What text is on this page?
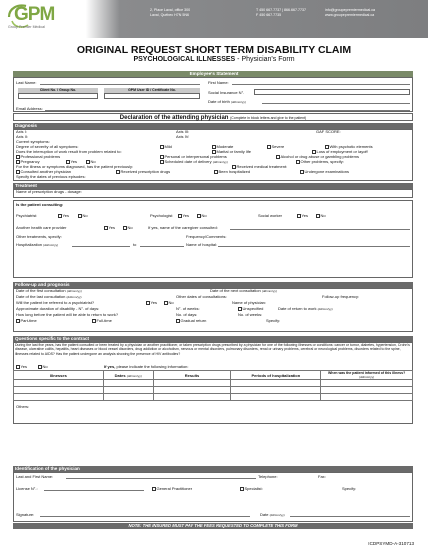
GPM
Group Premier Médical
2, Place Laval, office 300
Laval, Québec H7N 5N6
T 450 667.7737 | 866.667.7737
F 450 667.7735
info@groupepremiermedical.ca
www.groupepremiermedical.ca
ORIGINAL REQUEST SHORT TERM DISABILITY CLAIM
PSYCHOLOGICAL ILLNESSES - Physician's Form
Employee's Statement
Last Name:	First Name:
Client No. / Group No.	GPM User ID / Certificate No.	Social Insurance N°.
Date of birth (dd/mm/yy)
Email Address:
Declaration of the attending physician (Complete in block letters and give to the patient)
Diagnosis
Axis I:	Axis III:	GAF SCORE:
Axis II:	Axis IV:
Current symptoms:
Degree of severity of all symptoms:	Mild	Moderate	Severe	With psychotic elements
Does the interruption of work result from problem related to:	Marital or family life	Loss of employment or layoff
Professional problems	Personal or interpersonal problems	Alcohol or drug abuse or gambling problems
Pregnancy	Yes	No	Scheduled date of delivery (dd/mm/yy)	Other problems, specify:
For the illness or symptoms diagnosed, has the patient previously:	Received medical treatment:
Consulted another physician	Received prescription drugs	Been hospitalized	Undergone examinations
Specify the dates of previous episodes:
Treatment
Name of prescription drugs - dosage:
Is the patient consulting:
Psychiatrist	Yes	No	Psychologist	Yes	No	Social worker	Yes	No
Another health care provider	Yes	No	If yes, name of the caregiver consulted:
Other treatments, specify:	Frequency/Comments:
Hospitalization (dd/mm/yy)	to	Name of hospital:
Follow-up and prognosis
Date of the first consultation (dd/mm/yy)	Date of the next consultation (dd/mm/yy)
Date of the last consultation (dd/mm/yy)	Other dates of consultations:	Follow-up frequency:
Will the patient be referred to a psychiatrist?	Yes	No	Name of physician:
Approximate duration of disability - N°. of days:	N°. of weeks:	Unspecified	Date of return to work (dd/mm/yy)
How long before the patient will be able to return to work?	No. of days:	No. of weeks:
Part-time	Full-time	Gradual return	Specify:
Questions specific to the contract
During the last five years, has the patient consulted or been treated by a physician or another practitioner, or taken prescription drugs prescribed by a physician for one of the following illnesses or conditions: cancer or tumor, diabetes, hypertension, Crohn's disease, ulcerative colitis, hepatitis, heart diseases or blood vessel disorders, drug addiction or alcoholism, nervous or mental disorders, pulmonary disorders, renal or urinary problems, cerebral or neurological problems, disorders related to the spine, illnesses related to AIDS? Has the patient undergone an analysis showing the presence of HIV antibodies?
Yes	No	If yes, please indicate the following information:
Illnesses	Dates (dd/mm/yy)	Results	Periods of hospitalization	When was the patient informed of this illness? (dd/mm/yy)

Others:
Identification of the physician
Last and First Name:	Telephone:	Fax:
License N°.:	General Practitioner	Specialist:	Specify:
Signature:	Date (dd/mm/yy)
NOTE: THE INSURED MUST PAY THE FEES REQUESTED TO COMPLETE THIS FORM
ICDPSYMD-A-310713
